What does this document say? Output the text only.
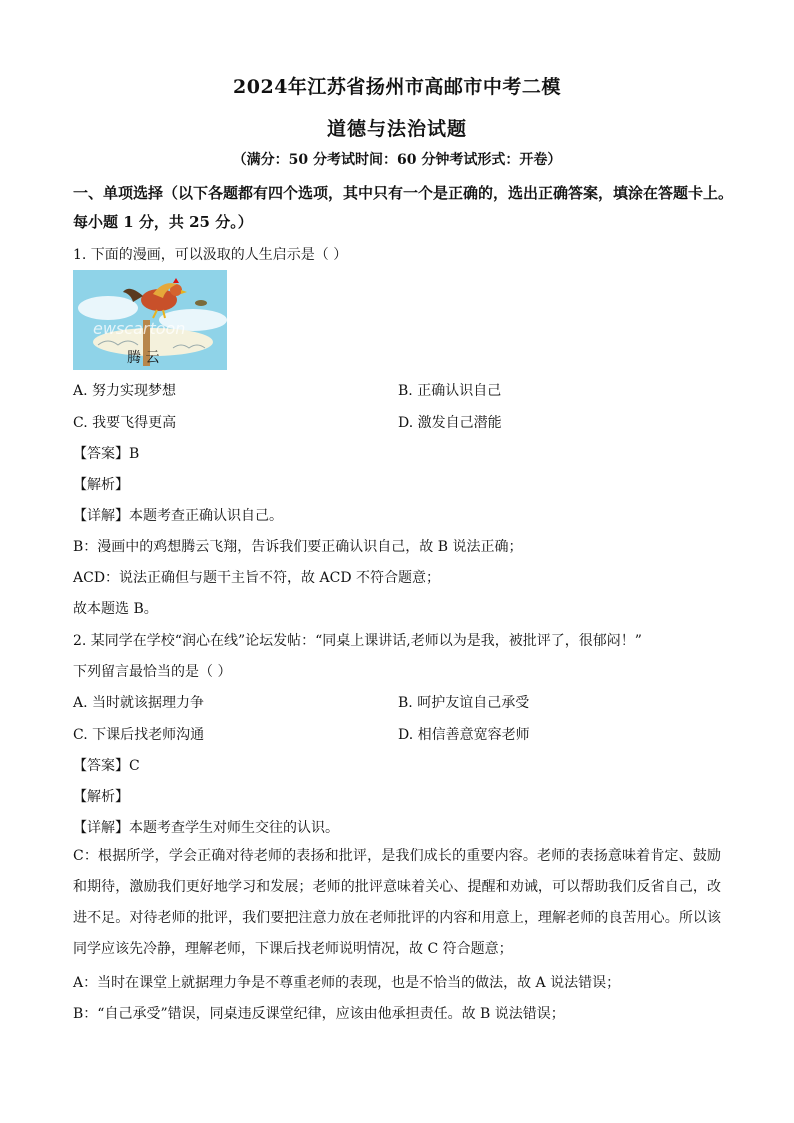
2024年江苏省扬州市高邮市中考二模
道德与法治试题
（满分：50 分考试时间：60 分钟考试形式：开卷）
一、单项选择（以下各题都有四个选项，其中只有一个是正确的，选出正确答案，填涂在答题卡上。每小题 1 分，共 25 分。）
1. 下面的漫画，可以汲取的人生启示是（ ）
ewscartoon
腾 云
A. 努力实现梦想	B. 正确认识自己
C. 我要飞得更高	D. 激发自己潜能
【答案】B
【解析】
【详解】本题考查正确认识自己。
B：漫画中的鸡想腾云飞翔，告诉我们要正确认识自己，故 B 说法正确；
ACD：说法正确但与题干主旨不符，故 ACD 不符合题意；
故本题选 B。
2. 某同学在学校“润心在线”论坛发帖：“同桌上课讲话,老师以为是我，被批评了，很郁闷！”
下列留言最恰当的是（ ）
A. 当时就该据理力争	B. 呵护友谊自己承受
C. 下课后找老师沟通	D. 相信善意宽容老师
【答案】C
【解析】
【详解】本题考查学生对师生交往的认识。
C：根据所学，学会正确对待老师的表扬和批评，是我们成长的重要内容。老师的表扬意味着肯定、鼓励和期待，激励我们更好地学习和发展；老师的批评意味着关心、提醒和劝诫，可以帮助我们反省自己，改进不足。对待老师的批评，我们要把注意力放在老师批评的内容和用意上，理解老师的良苦用心。所以该同学应该先冷静，理解老师，下课后找老师说明情况，故 C 符合题意；
A：当时在课堂上就据理力争是不尊重老师的表现，也是不恰当的做法，故 A 说法错误；
B：“自己承受”错误，同桌违反课堂纪律，应该由他承担责任。故 B 说法错误；
